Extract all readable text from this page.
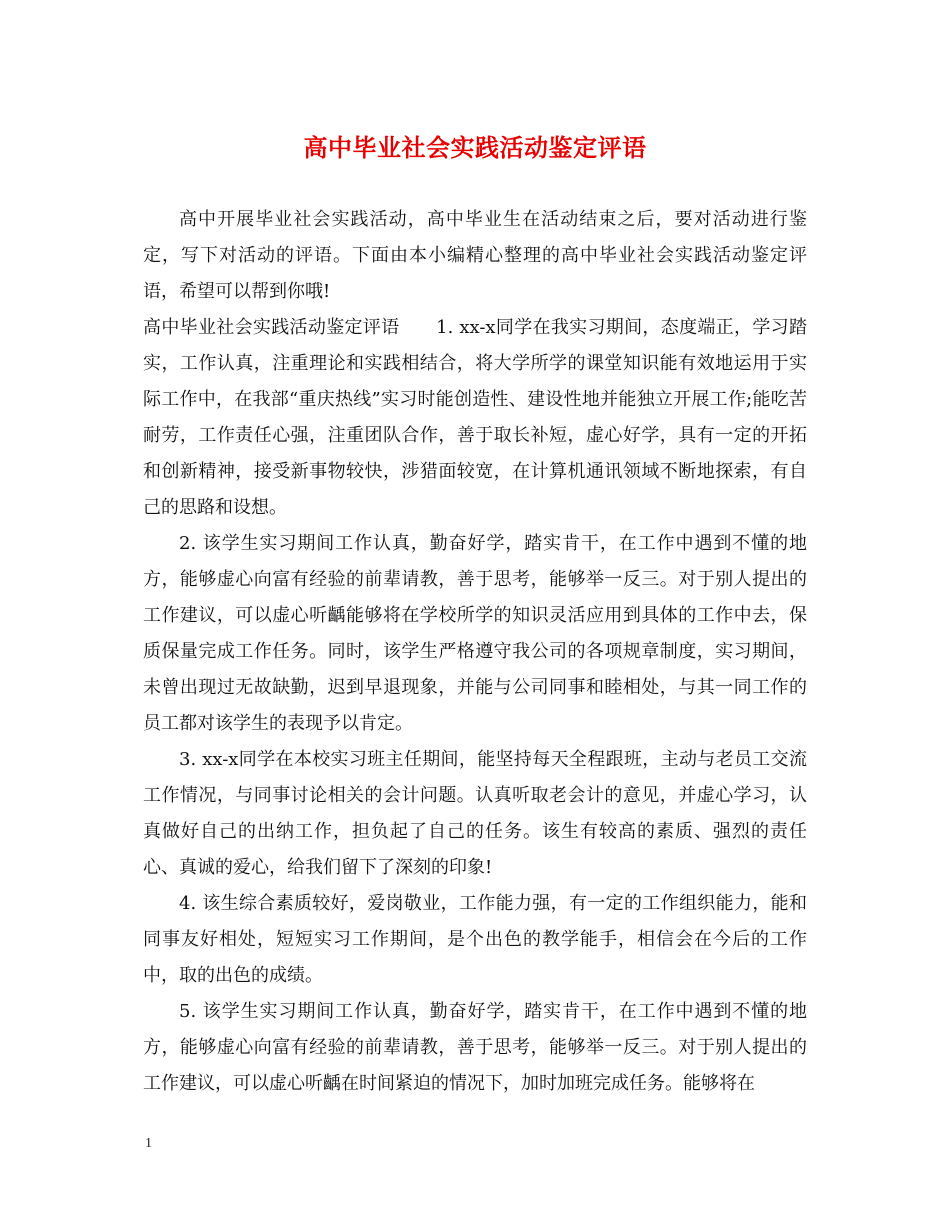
高中毕业社会实践活动鉴定评语

高中开展毕业社会实践活动，高中毕业生在活动结束之后，要对活动进行鉴定，写下对活动的评语。下面由本小编精心整理的高中毕业社会实践活动鉴定评语，希望可以帮到你哦!

高中毕业社会实践活动鉴定评语　　1. xx-x同学在我实习期间，态度端正，学习踏实，工作认真，注重理论和实践相结合，将大学所学的课堂知识能有效地运用于实际工作中，在我部“重庆热线”实习时能创造性、建设性地并能独立开展工作;能吃苦耐劳，工作责任心强，注重团队合作，善于取长补短，虚心好学，具有一定的开拓和创新精神，接受新事物较快，涉猎面较宽，在计算机通讯领域不断地探索，有自己的思路和设想。

2. 该学生实习期间工作认真，勤奋好学，踏实肯干，在工作中遇到不懂的地方，能够虚心向富有经验的前辈请教，善于思考，能够举一反三。对于别人提出的工作建议，可以虚心听齲能够将在学校所学的知识灵活应用到具体的工作中去，保质保量完成工作任务。同时，该学生严格遵守我公司的各项规章制度，实习期间，未曾出现过无故缺勤，迟到早退现象，并能与公司同事和睦相处，与其一同工作的员工都对该学生的表现予以肯定。

3. xx-x同学在本校实习班主任期间，能坚持每天全程跟班，主动与老员工交流工作情况，与同事讨论相关的会计问题。认真听取老会计的意见，并虚心学习，认真做好自己的出纳工作，担负起了自己的任务。该生有较高的素质、强烈的责任心、真诚的爱心，给我们留下了深刻的印象!

4. 该生综合素质较好，爱岗敬业，工作能力强，有一定的工作组织能力，能和同事友好相处，短短实习工作期间，是个出色的教学能手，相信会在今后的工作中，取的出色的成绩。

5. 该学生实习期间工作认真，勤奋好学，踏实肯干，在工作中遇到不懂的地方，能够虚心向富有经验的前辈请教，善于思考，能够举一反三。对于别人提出的工作建议，可以虚心听齲在时间紧迫的情况下，加时加班完成任务。能够将在

1
